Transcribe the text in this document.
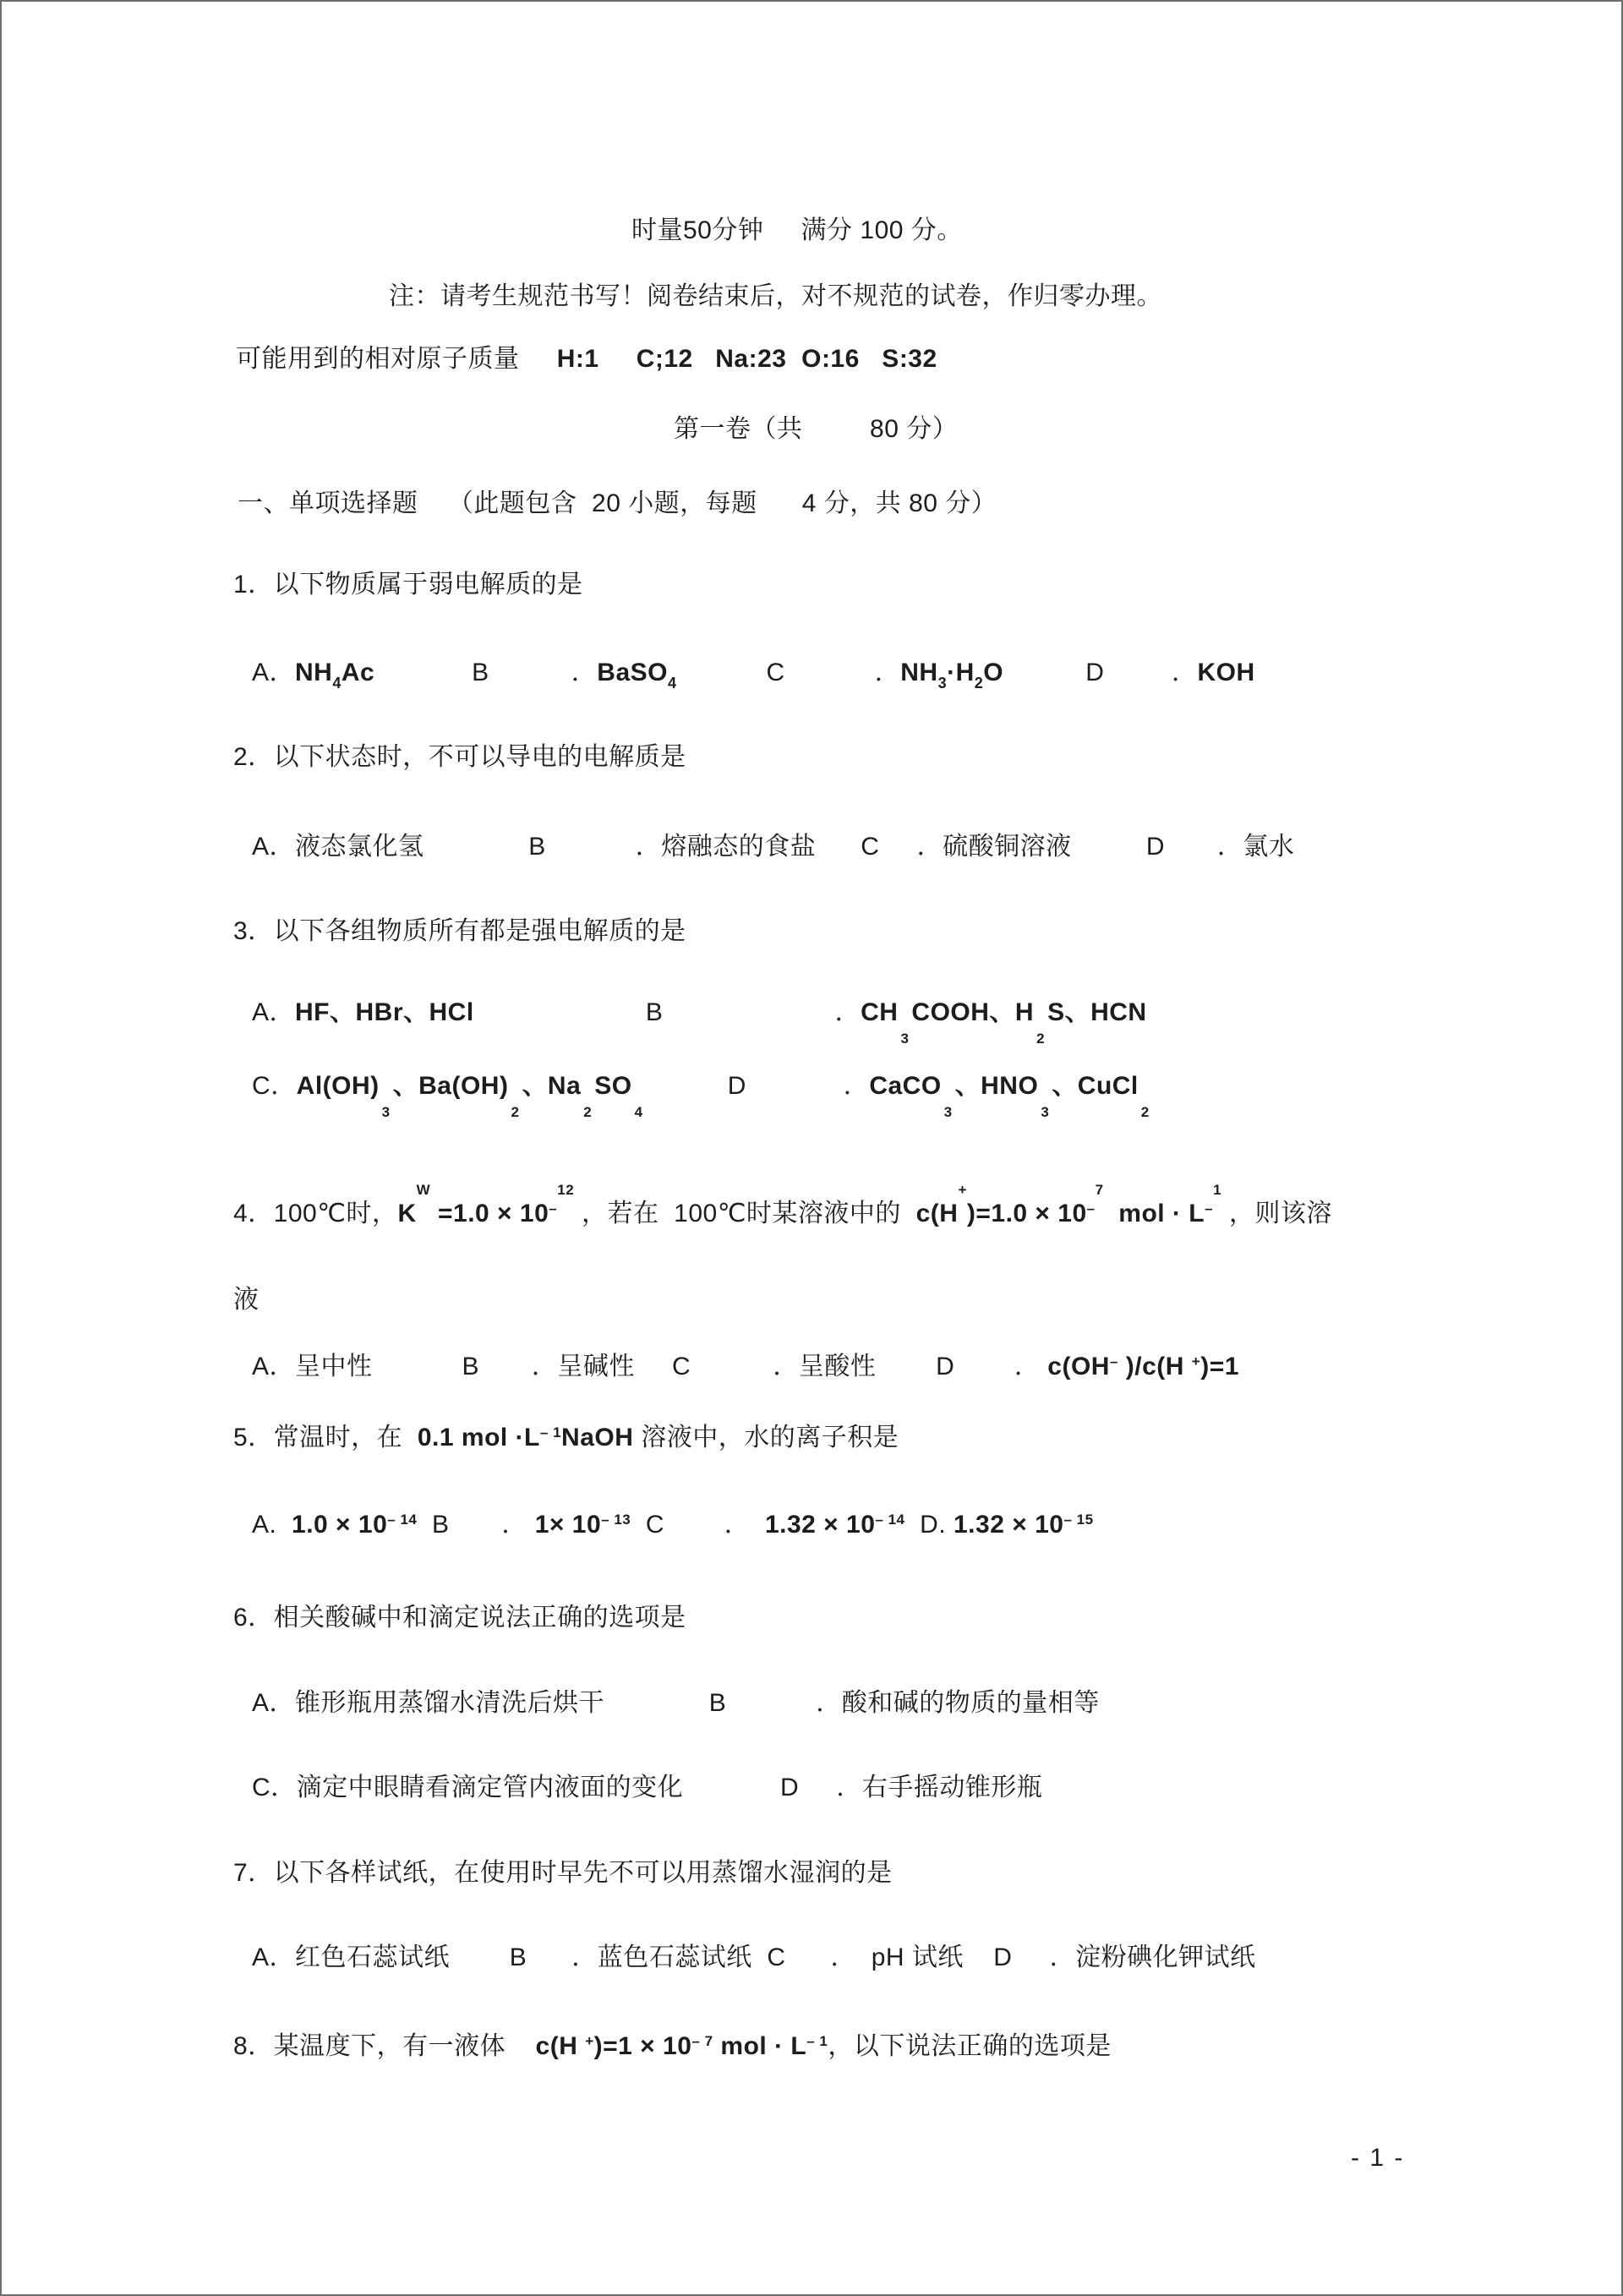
时量50分钟     满分 100 分。
注：请考生规范书写！阅卷结束后，对不规范的试卷，作归零办理。
可能用到的相对原子质量     H:1     C;12   Na:23  O:16   S:32
第一卷（共         80 分）
一、单项选择题    （此题包含  20 小题，每题      4 分，共 80 分）
1．以下物质属于弱电解质的是
A．$NH_4Ac$             B           ．BaSO$_4$            C            ．$NH_3\cdot H_2O$           D         ．KOH
2．以下状态时，不可以导电的电解质是
A．液态氯化氢              B            ．熔融态的食盐      C     ．硫酸铜溶液          D       ．氯水
3．以下各组物质所有都是强电解质的是
A．HF、HBr、HCl                       B                       ．$CH_3COOH$、$H_2S$、HCN
C．$Al(OH)_3$、$Ba(OH)_2$、$Na_2SO_4$           D             ．CaCO$_3$、$HNO_3$、CuCl$_2$
4．100℃时，$K^W =1.0 \times 10^{-12}$ ，若在  100℃时某溶液中的  $c(H^+)=1.0 \times 10^{-7}$  mol · $L^{-1}$ ，则该溶
液
A．呈中性            B       ．呈碱性     C           ．呈酸性        D        ． c(OH– )/c(H +)=1
5．常温时，在  0.1 mol $\cdot L^{- 1}NaOH$ 溶液中，水的离子积是
A.  $1.0 \times 10^{- 14}$  B       ． $1\times 10^{- 13}$  C        ．  $1.32 \times 10^{- 14}$  D. $1.32 \times 10^{- 15}$
6．相关酸碱中和滴定说法正确的选项是
A．锥形瓶用蒸馏水清洗后烘干              B            ．酸和碱的物质的量相等
C．滴定中眼睛看滴定管内液面的变化             D     ．右手摇动锥形瓶
7．以下各样试纸，在使用时早先不可以用蒸馏水湿润的是
A．红色石蕊试纸        B      ．蓝色石蕊试纸  C      ．  pH 试纸    D     ．淀粉碘化钾试纸
8．某温度下，有一液体    c(H $^+)=1 \times 10^{- 7}$ mol · $L^{- 1}$，以下说法正确的选项是
- 1 -
